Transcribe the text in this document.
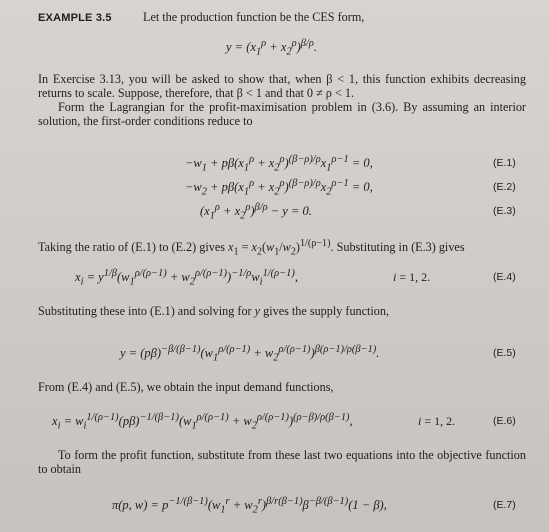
EXAMPLE 3.5	Let the production function be the CES form,
$y = (x_1^\rho + x_2^\rho)^{\beta/\rho}$.
In Exercise 3.13, you will be asked to show that, when β < 1, this function exhibits decreasing returns to scale. Suppose, therefore, that β < 1 and that 0 ≠ ρ < 1.
Form the Lagrangian for the profit-maximisation problem in (3.6). By assuming an interior solution, the first-order conditions reduce to
$-w_1 + p\beta(x_1^\rho + x_2^\rho)^{(\beta-\rho)/\rho}x_1^{\rho-1} = 0$,	(E.1)
$-w_2 + p\beta(x_1^\rho + x_2^\rho)^{(\beta-\rho)/\rho}x_2^{\rho-1} = 0$,	(E.2)
$(x_1^\rho + x_2^\rho)^{\beta/\rho} - y = 0$.	(E.3)
Taking the ratio of (E.1) to (E.2) gives $x_1 = x_2(w_1/w_2)^{1/(\rho-1)}$. Substituting in (E.3) gives
$x_i = y^{1/\beta}(w_1^{\rho/(\rho-1)} + w_2^{\rho/(\rho-1)})^{-1/\rho}w_i^{1/(\rho-1)}$,	i = 1, 2.	(E.4)
Substituting these into (E.1) and solving for y gives the supply function,
$y = (p\beta)^{-\beta/(\beta-1)}(w_1^{\rho/(\rho-1)} + w_2^{\rho/(\rho-1)})^{\beta(\rho-1)/\rho(\beta-1)}$.	(E.5)
From (E.4) and (E.5), we obtain the input demand functions,
$x_i = w_i^{1/(\rho-1)}(p\beta)^{-1/(\beta-1)}(w_1^{\rho/(\rho-1)} + w_2^{\rho/(\rho-1)})^{(\rho-\beta)/\rho(\beta-1)}$,	i = 1, 2.	(E.6)
To form the profit function, substitute from these last two equations into the objective function to obtain
π(p, $w) = p^{-1/(\beta-1)}(w_1^r + w_2^r)^{\beta/r(\beta-1)}\beta^{-\beta/(\beta-1)}(1 - \beta)$,	(E.7)
